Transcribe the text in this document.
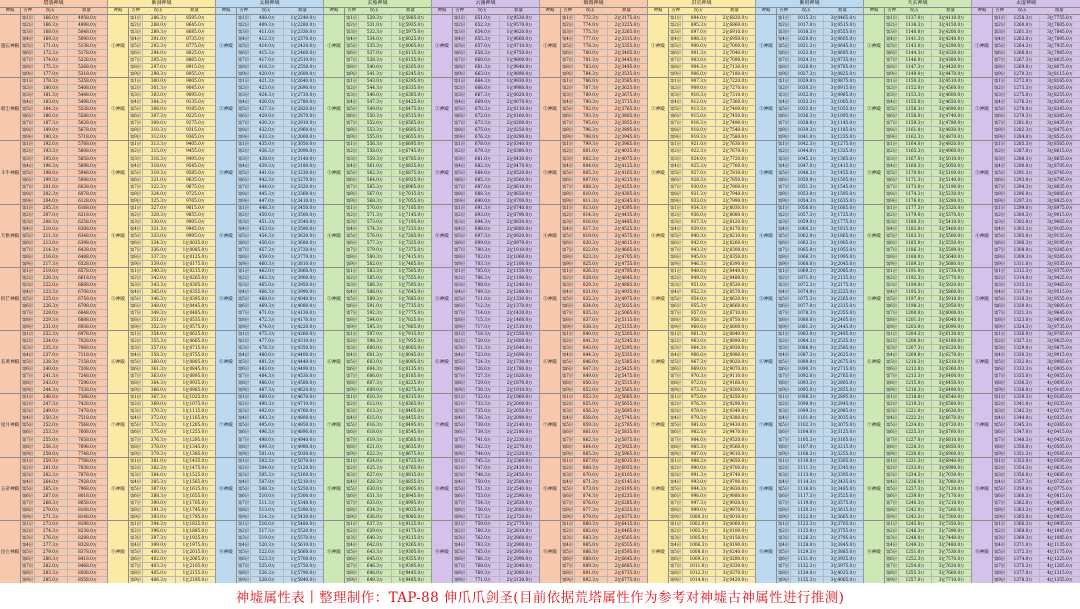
碧落神域
神殿	古神	攻击	血量
遗忘神殿
第1层	166.0万	4958.0万
第2层	166.3万	4998.0万
第3层	168.0万	5048.0万
第4层	169.3万	5090.0万
第5层	171.0万	5138.0万
第6层	172.3万	5178.0万
第7层	174.0万	5228.0万
第8层	175.3万	5268.0万
第9层	177.0万	5318.0万
暗尘神殿
第1层	178.3万	5358.0万
第2层	180.0万	5408.0万
第3层	181.3万	5448.0万
第4层	183.0万	5498.0万
第5层	184.3万	5538.0万
第6层	186.0万	5588.0万
第7层	187.3万	5628.0万
第8层	189.0万	5678.0万
第9层	190.3万	5718.0万
斗牛神殿
第1层	192.0万	5768.0万
第2层	193.3万	5808.0万
第3层	195.0万	5858.0万
第4层	196.3万	5898.0万
第5层	198.0万	5948.0万
第6层	199.3万	5988.0万
第7层	201.0万	6038.0万
第8层	202.3万	6078.0万
第9层	204.0万	6128.0万
天枢神殿
第1层	205.3万	6168.0万
第2层	207.0万	6218.0万
第3层	208.3万	6258.0万
第4层	210.0万	6308.0万
第5层	211.3万	6348.0万
第6层	213.0万	6398.0万
第7层	214.3万	6438.0万
第8层	216.0万	6488.0万
第9层	217.3万	6528.0万
炽芒神殿
第1层	219.0万	6578.0万
第2层	220.3万	6618.0万
第3层	222.0万	6668.0万
第4层	223.3万	6708.0万
第5层	225.0万	6758.0万
第6层	226.3万	6798.0万
第7层	228.0万	6848.0万
第8层	229.3万	6888.0万
第9层	231.0万	6938.0万
玄黄神殿
第1层	232.3万	6978.0万
第2层	234.0万	7028.0万
第3层	235.3万	7068.0万
第4层	237.0万	7118.0万
第5层	238.3万	7158.0万
第6层	240.0万	7208.0万
第7层	241.3万	7248.0万
第8层	243.0万	7298.0万
第9层	244.3万	7338.0万
星月神殿
第1层	246.0万	7388.0万
第2层	247.3万	7428.0万
第3层	249.0万	7478.0万
第4层	250.3万	7518.0万
第5层	252.0万	7568.0万
第6层	253.3万	7608.0万
第7层	255.0万	7658.0万
第8层	256.3万	7698.0万
第9层	258.0万	7748.0万
五帝神殿
第1层	259.3万	7788.0万
第2层	261.0万	7838.0万
第3层	262.3万	7878.0万
第4层	264.0万	7928.0万
第5层	265.3万	7968.0万
第6层	267.0万	8018.0万
第7层	268.3万	8058.0万
第8层	270.0万	8108.0万
第9层	271.3万	8148.0万
昆仑神殿
第1层	273.0万	8198.0万
第2层	274.3万	8238.0万
第3层	276.0万	8288.0万
第4层	277.3万	8328.0万
第5层	279.0万	8378.0万
第6层	280.3万	8418.0万
第7层	282.0万	8468.0万
第8层	283.3万	8508.0万
第9层	285.0万	8558.0万
紫洞神域
神殿	古神	攻击	血量
①神殿
第1层	286.3万	8595.0万
第2层	288.0万	8645.0万
第3层	289.3万	8685.0万
第4层	291.0万	8735.0万
第5层	292.3万	8775.0万
第6层	294.0万	8825.0万
第7层	295.3万	8865.0万
第8层	297.0万	8915.0万
第9层	298.3万	8955.0万
②神殿
第1层	300.0万	9005.0万
第2层	301.3万	9045.0万
第3层	303.0万	9095.0万
第4层	304.3万	9135.0万
第5层	306.0万	9185.0万
第6层	307.3万	9225.0万
第7层	309.0万	9275.0万
第8层	310.3万	9315.0万
第9层	312.0万	9365.0万
③神殿
第1层	313.3万	9405.0万
第2层	315.0万	9455.0万
第3层	316.3万	9495.0万
第4层	318.0万	9545.0万
第5层	319.3万	9585.0万
第6层	321.0万	9635.0万
第7层	322.3万	9675.0万
第8层	324.0万	9725.0万
第9层	325.3万	9765.0万
④神殿
第1层	327.0万	9815.0万
第2层	328.3万	9855.0万
第3层	330.0万	9905.0万
第4层	331.3万	9945.0万
第5层	333.0万	9995.0万
第6层	334.3万	1亿0035.0万
第7层	336.0万	1亿0085.0万
第8层	337.3万	1亿0125.0万
第9层	339.0万	1亿0175.0万
⑤神殿
第1层	340.3万	1亿0215.0万
第2层	342.0万	1亿0265.0万
第3层	343.3万	1亿0305.0万
第4层	345.0万	1亿0355.0万
第5层	346.3万	1亿0395.0万
第6层	348.0万	1亿0445.0万
第7层	349.3万	1亿0485.0万
第8层	351.0万	1亿0535.0万
第9层	352.3万	1亿0575.0万
⑥神殿
第1层	354.0万	1亿0625.0万
第2层	355.3万	1亿0665.0万
第3层	357.0万	1亿0715.0万
第4层	358.3万	1亿0755.0万
第5层	360.0万	1亿0805.0万
第6层	361.3万	1亿0845.0万
第7层	363.0万	1亿0895.0万
第8层	364.3万	1亿0935.0万
第9层	366.0万	1亿0985.0万
⑦神殿
第1层	367.3万	1亿1025.0万
第2层	369.0万	1亿1075.0万
第3层	370.3万	1亿1115.0万
第4层	372.0万	1亿1165.0万
第5层	373.3万	1亿1205.0万
第6层	375.0万	1亿1255.0万
第7层	376.3万	1亿1295.0万
第8层	378.0万	1亿1345.0万
第9层	379.3万	1亿1385.0万
⑧神殿
第1层	381.0万	1亿1435.0万
第2层	382.3万	1亿1475.0万
第3层	384.0万	1亿1525.0万
第4层	385.3万	1亿1565.0万
第5层	387.0万	1亿1615.0万
第6层	388.3万	1亿1655.0万
第7层	390.0万	1亿1705.0万
第8层	391.3万	1亿1745.0万
第9层	393.0万	1亿1795.0万
⑨神殿
第1层	394.3万	1亿1835.0万
第2层	396.0万	1亿1885.0万
第3层	397.3万	1亿1925.0万
第4层	399.0万	1亿1975.0万
第5层	400.3万	1亿2015.0万
第6层	402.0万	1亿2065.0万
第7层	403.3万	1亿2105.0万
第8层	405.0万	1亿2155.0万
第9层	406.3万	1亿2195.0万
太极神域
神殿	古神	攻击	血量
①神殿
第1层	408.0万	1亿2240.0万
第2层	409.3万	1亿2280.0万
第3层	411.0万	1亿2330.0万
第4层	412.3万	1亿2370.0万
第5层	414.0万	1亿2420.0万
第6层	415.3万	1亿2460.0万
第7层	417.0万	1亿2510.0万
第8层	418.3万	1亿2550.0万
第9层	420.0万	1亿2600.0万
②神殿
第1层	421.3万	1亿2640.0万
第2层	423.0万	1亿2690.0万
第3层	424.3万	1亿2730.0万
第4层	426.0万	1亿2780.0万
第5层	427.3万	1亿2820.0万
第6层	429.0万	1亿2870.0万
第7层	430.3万	1亿2910.0万
第8层	432.0万	1亿2960.0万
第9层	433.3万	1亿3000.0万
③神殿
第1层	435.0万	1亿3050.0万
第2层	436.3万	1亿3090.0万
第3层	438.0万	1亿3140.0万
第4层	439.3万	1亿3180.0万
第5层	441.0万	1亿3230.0万
第6层	442.3万	1亿3270.0万
第7层	444.0万	1亿3320.0万
第8层	445.3万	1亿3360.0万
第9层	447.0万	1亿3410.0万
④神殿
第1层	448.3万	1亿3450.0万
第2层	450.0万	1亿3500.0万
第3层	451.3万	1亿3540.0万
第4层	453.0万	1亿3590.0万
第5层	454.3万	1亿3630.0万
第6层	456.0万	1亿3680.0万
第7层	457.3万	1亿3720.0万
第8层	459.0万	1亿3770.0万
第9层	460.3万	1亿3810.0万
⑤神殿
第1层	462.0万	1亿3860.0万
第2层	463.3万	1亿3900.0万
第3层	465.0万	1亿3950.0万
第4层	466.3万	1亿3990.0万
第5层	468.0万	1亿4040.0万
第6层	469.3万	1亿4080.0万
第7层	471.0万	1亿4130.0万
第8层	472.3万	1亿4170.0万
第9层	474.0万	1亿4220.0万
⑥神殿
第1层	475.3万	1亿4260.0万
第2层	477.0万	1亿4310.0万
第3层	478.3万	1亿4350.0万
第4层	480.0万	1亿4400.0万
第5层	481.3万	1亿4440.0万
第6层	483.0万	1亿4490.0万
第7层	484.3万	1亿4530.0万
第8层	486.0万	1亿4580.0万
第9层	487.3万	1亿4620.0万
⑦神殿
第1层	489.0万	1亿4670.0万
第2层	490.3万	1亿4710.0万
第3层	492.0万	1亿4760.0万
第4层	493.3万	1亿4800.0万
第5层	495.0万	1亿4850.0万
第6层	496.3万	1亿4890.0万
第7层	498.0万	1亿4940.0万
第8层	499.3万	1亿4980.0万
第9层	501.0万	1亿5030.0万
⑧神殿
第1层	502.3万	1亿5070.0万
第2层	504.0万	1亿5120.0万
第3层	505.3万	1亿5160.0万
第4层	507.0万	1亿5210.0万
第5层	508.3万	1亿5250.0万
第6层	510.0万	1亿5300.0万
第7层	511.3万	1亿5340.0万
第8层	513.0万	1亿5390.0万
第9层	514.3万	1亿5430.0万
⑨神殿
第1层	516.0万	1亿5480.0万
第2层	517.3万	1亿5520.0万
第3层	519.0万	1亿5570.0万
第4层	520.3万	1亿5610.0万
第5层	522.0万	1亿5660.0万
第6层	523.3万	1亿5700.0万
第7层	525.0万	1亿5750.0万
第8层	526.3万	1亿5790.0万
第9层	528.0万	1亿5840.0万
玄烛神域
神殿	古神	攻击	血量
①神殿
第1层	529.3万	1亿5885.0万
第2层	531.0万	1亿5935.0万
第3层	532.3万	1亿5975.0万
第4层	534.0万	1亿6025.0万
第5层	535.3万	1亿6065.0万
第6层	537.0万	1亿6115.0万
第7层	538.3万	1亿6155.0万
第8层	540.0万	1亿6205.0万
第9层	541.3万	1亿6245.0万
②神殿
第1层	543.0万	1亿6295.0万
第2层	544.3万	1亿6335.0万
第3层	546.0万	1亿6385.0万
第4层	547.3万	1亿6425.0万
第5层	549.0万	1亿6475.0万
第6层	550.3万	1亿6515.0万
第7层	552.0万	1亿6565.0万
第8层	553.3万	1亿6605.0万
第9层	555.0万	1亿6655.0万
③神殿
第1层	556.3万	1亿6695.0万
第2层	558.0万	1亿6745.0万
第3层	559.3万	1亿6785.0万
第4层	561.0万	1亿6835.0万
第5层	562.3万	1亿6875.0万
第6层	564.0万	1亿6925.0万
第7层	565.3万	1亿6965.0万
第8层	567.0万	1亿7015.0万
第9层	568.3万	1亿7055.0万
④神殿
第1层	570.0万	1亿7105.0万
第2层	571.3万	1亿7145.0万
第3层	573.0万	1亿7195.0万
第4层	574.3万	1亿7235.0万
第5层	576.0万	1亿7285.0万
第6层	577.3万	1亿7325.0万
第7层	579.0万	1亿7375.0万
第8层	580.3万	1亿7415.0万
第9层	582.0万	1亿7465.0万
⑤神殿
第1层	583.3万	1亿7505.0万
第2层	585.0万	1亿7555.0万
第3层	586.3万	1亿7595.0万
第4层	588.0万	1亿7645.0万
第5层	589.3万	1亿7685.0万
第6层	591.0万	1亿7735.0万
第7层	592.3万	1亿7775.0万
第8层	594.0万	1亿7825.0万
第9层	595.3万	1亿7865.0万
⑥神殿
第1层	597.0万	1亿7915.0万
第2层	598.3万	1亿7955.0万
第3层	600.0万	1亿8005.0万
第4层	601.3万	1亿8045.0万
第5层	603.0万	1亿8095.0万
第6层	604.3万	1亿8135.0万
第7层	606.0万	1亿8185.0万
第8层	607.3万	1亿8225.0万
第9层	609.0万	1亿8275.0万
⑦神殿
第1层	610.3万	1亿8315.0万
第2层	612.0万	1亿8365.0万
第3层	613.3万	1亿8405.0万
第4层	615.0万	1亿8455.0万
第5层	616.3万	1亿8495.0万
第6层	618.0万	1亿8545.0万
第7层	619.3万	1亿8585.0万
第8层	621.0万	1亿8635.0万
第9层	622.3万	1亿8675.0万
⑧神殿
第1层	624.0万	1亿8725.0万
第2层	625.3万	1亿8765.0万
第3层	627.0万	1亿8815.0万
第4层	628.3万	1亿8855.0万
第5层	630.0万	1亿8905.0万
第6层	631.3万	1亿8945.0万
第7层	633.0万	1亿8995.0万
第8层	634.3万	1亿9035.0万
第9层	636.0万	1亿9085.0万
⑨神殿
第1层	637.3万	1亿9125.0万
第2层	639.0万	1亿9175.0万
第3层	640.3万	1亿9215.0万
第4层	642.0万	1亿9265.0万
第5层	643.3万	1亿9305.0万
第6层	645.0万	1亿9355.0万
第7层	646.3万	1亿9395.0万
第8层	648.0万	1亿9445.0万
第9层	649.3万	1亿9485.0万
云溪神域
神殿	古神	攻击	血量
①神殿
第1层	651.0万	1亿9530.0万
第2层	652.3万	1亿9570.0万
第3层	654.0万	1亿9620.0万
第4层	655.3万	1亿9660.0万
第5层	657.0万	1亿9710.0万
第6层	658.3万	1亿9750.0万
第7层	660.0万	1亿9800.0万
第8层	661.3万	1亿9840.0万
第9层	663.0万	1亿9890.0万
②神殿
第1层	664.3万	1亿9930.0万
第2层	666.0万	1亿9980.0万
第3层	667.3万	2亿0020.0万
第4层	669.0万	2亿0070.0万
第5层	670.3万	2亿0110.0万
第6层	672.0万	2亿0160.0万
第7层	673.3万	2亿0200.0万
第8层	675.0万	2亿0250.0万
第9层	676.3万	2亿0290.0万
③神殿
第1层	678.0万	2亿0340.0万
第2层	679.3万	2亿0380.0万
第3层	681.0万	2亿0430.0万
第4层	682.3万	2亿0470.0万
第5层	684.0万	2亿0520.0万
第6层	685.3万	2亿0560.0万
第7层	687.0万	2亿0610.0万
第8层	688.3万	2亿0650.0万
第9层	690.0万	2亿0700.0万
④神殿
第1层	691.3万	2亿0740.0万
第2层	693.0万	2亿0790.0万
第3层	694.3万	2亿0830.0万
第4层	696.0万	2亿0880.0万
第5层	697.3万	2亿0920.0万
第6层	699.0万	2亿0970.0万
第7层	700.3万	2亿1010.0万
第8层	702.0万	2亿1060.0万
第9层	703.3万	2亿1100.0万
⑤神殿
第1层	705.0万	2亿1150.0万
第2层	706.3万	2亿1190.0万
第3层	708.0万	2亿1240.0万
第4层	709.3万	2亿1280.0万
第5层	711.0万	2亿1330.0万
第6层	712.3万	2亿1370.0万
第7层	714.0万	2亿1420.0万
第8层	715.3万	2亿1460.0万
第9层	717.0万	2亿1510.0万
⑥神殿
第1层	718.3万	2亿1550.0万
第2层	720.0万	2亿1600.0万
第3层	721.3万	2亿1640.0万
第4层	723.0万	2亿1690.0万
第5层	724.3万	2亿1730.0万
第6层	726.0万	2亿1780.0万
第7层	727.3万	2亿1820.0万
第8层	729.0万	2亿1870.0万
第9层	730.3万	2亿1910.0万
⑦神殿
第1层	732.0万	2亿1960.0万
第2层	733.3万	2亿2000.0万
第3层	735.0万	2亿2050.0万
第4层	736.3万	2亿2090.0万
第5层	738.0万	2亿2140.0万
第6层	739.3万	2亿2180.0万
第7层	741.0万	2亿2230.0万
第8层	742.3万	2亿2270.0万
第9层	744.0万	2亿2320.0万
⑧神殿
第1层	745.3万	2亿2360.0万
第2层	747.0万	2亿2410.0万
第3层	748.3万	2亿2450.0万
第4层	750.0万	2亿2500.0万
第5层	751.3万	2亿2540.0万
第6层	753.0万	2亿2590.0万
第7层	754.3万	2亿2630.0万
第8层	756.0万	2亿2680.0万
第9层	757.3万	2亿2720.0万
⑨神殿
第1层	759.0万	2亿2770.0万
第2层	760.3万	2亿2810.0万
第3层	762.0万	2亿2860.0万
第4层	763.3万	2亿2900.0万
第5层	765.0万	2亿2950.0万
第6层	766.3万	2亿2990.0万
第7层	768.0万	2亿3040.0万
第8层	769.3万	2亿3080.0万
第9层	771.0万	2亿3130.0万
烟雨神域
神殿	古神	攻击	血量
①神殿
第1层	772.3万	2亿3175.0万
第2层	774.0万	2亿3225.0万
第3层	775.3万	2亿3265.0万
第4层	777.0万	2亿3315.0万
第5层	778.3万	2亿3355.0万
第6层	780.0万	2亿3405.0万
第7层	781.3万	2亿3445.0万
第8层	783.0万	2亿3495.0万
第9层	784.3万	2亿3535.0万
②神殿
第1层	786.0万	2亿3585.0万
第2层	787.3万	2亿3625.0万
第3层	789.0万	2亿3675.0万
第4层	790.3万	2亿3715.0万
第5层	792.0万	2亿3765.0万
第6层	793.3万	2亿3805.0万
第7层	795.0万	2亿3855.0万
第8层	796.3万	2亿3895.0万
第9层	798.0万	2亿3945.0万
③神殿
第1层	799.3万	2亿3985.0万
第2层	801.0万	2亿4035.0万
第3层	802.3万	2亿4075.0万
第4层	804.0万	2亿4125.0万
第5层	805.3万	2亿4165.0万
第6层	807.0万	2亿4215.0万
第7层	808.3万	2亿4255.0万
第8层	810.0万	2亿4305.0万
第9层	811.3万	2亿4345.0万
④神殿
第1层	813.0万	2亿4395.0万
第2层	814.3万	2亿4435.0万
第3层	816.0万	2亿4485.0万
第4层	817.3万	2亿4525.0万
第5层	819.0万	2亿4575.0万
第6层	820.3万	2亿4615.0万
第7层	822.0万	2亿4665.0万
第8层	823.3万	2亿4705.0万
第9层	825.0万	2亿4755.0万
⑤神殿
第1层	826.3万	2亿4795.0万
第2层	828.0万	2亿4845.0万
第3层	829.3万	2亿4885.0万
第4层	831.0万	2亿4935.0万
第5层	832.3万	2亿4975.0万
第6层	834.0万	2亿5025.0万
第7层	835.3万	2亿5065.0万
第8层	837.0万	2亿5115.0万
第9层	838.3万	2亿5155.0万
⑥神殿
第1层	840.0万	2亿5205.0万
第2层	841.3万	2亿5245.0万
第3层	843.0万	2亿5295.0万
第4层	844.3万	2亿5335.0万
第5层	846.0万	2亿5385.0万
第6层	847.3万	2亿5425.0万
第7层	849.0万	2亿5475.0万
第8层	850.3万	2亿5515.0万
第9层	852.0万	2亿5565.0万
⑦神殿
第1层	853.3万	2亿5605.0万
第2层	855.0万	2亿5655.0万
第3层	856.3万	2亿5695.0万
第4层	858.0万	2亿5745.0万
第5层	859.3万	2亿5785.0万
第6层	861.0万	2亿5835.0万
第7层	862.3万	2亿5875.0万
第8层	864.0万	2亿5925.0万
第9层	865.3万	2亿5965.0万
⑧神殿
第1层	867.0万	2亿6015.0万
第2层	868.3万	2亿6055.0万
第3层	870.0万	2亿6105.0万
第4层	871.3万	2亿6145.0万
第5层	873.0万	2亿6195.0万
第6层	874.3万	2亿6235.0万
第7层	876.0万	2亿6285.0万
第8层	877.3万	2亿6325.0万
第9层	879.0万	2亿6375.0万
⑨神殿
第1层	880.3万	2亿6415.0万
第2层	882.0万	2亿6465.0万
第3层	883.3万	2亿6505.0万
第4层	885.0万	2亿6555.0万
第5层	886.3万	2亿6595.0万
第6层	888.0万	2亿6645.0万
第7层	889.3万	2亿6685.0万
第8层	891.0万	2亿6735.0万
第9层	892.3万	2亿6775.0万
洪荒神域
神殿	古神	攻击	血量
①神殿
第1层	894.0万	2亿6820.0万
第2层	895.3万	2亿6860.0万
第3层	897.0万	2亿6910.0万
第4层	898.3万	2亿6950.0万
第5层	900.0万	2亿7000.0万
第6层	901.3万	2亿7040.0万
第7层	903.0万	2亿7090.0万
第8层	904.3万	2亿7130.0万
第9层	906.0万	2亿7180.0万
②神殿
第1层	907.3万	2亿7220.0万
第2层	909.0万	2亿7270.0万
第3层	910.3万	2亿7310.0万
第4层	912.0万	2亿7360.0万
第5层	913.3万	2亿7400.0万
第6层	915.0万	2亿7450.0万
第7层	916.3万	2亿7490.0万
第8层	918.0万	2亿7540.0万
第9层	919.3万	2亿7580.0万
③神殿
第1层	921.0万	2亿7630.0万
第2层	922.3万	2亿7670.0万
第3层	924.0万	2亿7720.0万
第4层	925.3万	2亿7760.0万
第5层	927.0万	2亿7810.0万
第6层	928.3万	2亿7850.0万
第7层	930.0万	2亿7900.0万
第8层	931.3万	2亿7940.0万
第9层	933.0万	2亿7990.0万
④神殿
第1层	934.3万	2亿8030.0万
第2层	936.0万	2亿8080.0万
第3层	937.3万	2亿8120.0万
第4层	939.0万	2亿8170.0万
第5层	940.3万	2亿8210.0万
第6层	942.0万	2亿8260.0万
第7层	943.3万	2亿8300.0万
第8层	945.0万	2亿8350.0万
第9层	946.3万	2亿8390.0万
⑤神殿
第1层	948.0万	2亿8440.0万
第2层	949.3万	2亿8480.0万
第3层	951.0万	2亿8530.0万
第4层	952.3万	2亿8570.0万
第5层	954.0万	2亿8620.0万
第6层	955.3万	2亿8660.0万
第7层	957.0万	2亿8710.0万
第8层	958.3万	2亿8750.0万
第9层	960.0万	2亿8800.0万
⑥神殿
第1层	961.3万	2亿8840.0万
第2层	963.0万	2亿8890.0万
第3层	964.3万	2亿8930.0万
第4层	966.0万	2亿8980.0万
第5层	967.3万	2亿9020.0万
第6层	969.0万	2亿9070.0万
第7层	970.3万	2亿9110.0万
第8层	972.0万	2亿9160.0万
第9层	973.3万	2亿9200.0万
⑦神殿
第1层	975.0万	2亿9250.0万
第2层	976.3万	2亿9290.0万
第3层	978.0万	2亿9340.0万
第4层	979.3万	2亿9380.0万
第5层	981.0万	2亿9430.0万
第6层	982.3万	2亿9470.0万
第7层	984.0万	2亿9520.0万
第8层	985.3万	2亿9560.0万
第9层	987.0万	2亿9610.0万
⑧神殿
第1层	988.3万	2亿9650.0万
第2层	990.0万	2亿9700.0万
第3层	991.3万	2亿9740.0万
第4层	993.0万	2亿9790.0万
第5层	994.3万	2亿9830.0万
第6层	996.0万	2亿9880.0万
第7层	997.3万	2亿9920.0万
第8层	999.0万	2亿9970.0万
第9层	1000.3万	3亿0010.0万
⑨神殿
第1层	1002.0万	3亿0060.0万
第2层	1003.3万	3亿0100.0万
第3层	1005.0万	3亿0150.0万
第4层	1006.3万	3亿0190.0万
第5层	1008.0万	3亿0240.0万
第6层	1009.3万	3亿0280.0万
第7层	1011.0万	3亿0330.0万
第8层	1012.3万	3亿0370.0万
第9层	1014.0万	3亿0420.0万
紫府神域
神殿	古神	攻击	血量
①神殿
第1层	1015.3万	3亿0465.0万
第2层	1017.0万	3亿0515.0万
第3层	1018.3万	3亿0555.0万
第4层	1020.0万	3亿0605.0万
第5层	1021.3万	3亿0645.0万
第6层	1023.0万	3亿0695.0万
第7层	1024.3万	3亿0735.0万
第8层	1026.0万	3亿0785.0万
第9层	1027.3万	3亿0825.0万
②神殿
第1层	1029.0万	3亿0875.0万
第2层	1030.3万	3亿0915.0万
第3层	1032.0万	3亿0965.0万
第4层	1033.3万	3亿1005.0万
第5层	1035.0万	3亿1055.0万
第6层	1036.3万	3亿1095.0万
第7层	1038.0万	3亿1145.0万
第8层	1039.3万	3亿1185.0万
第9层	1041.0万	3亿1235.0万
③神殿
第1层	1042.3万	3亿1275.0万
第2层	1044.0万	3亿1325.0万
第3层	1045.3万	3亿1365.0万
第4层	1047.0万	3亿1415.0万
第5层	1048.3万	3亿1455.0万
第6层	1050.0万	3亿1505.0万
第7层	1051.3万	3亿1545.0万
第8层	1053.0万	3亿1595.0万
第9层	1054.3万	3亿1635.0万
④神殿
第1层	1056.0万	3亿1685.0万
第2层	1057.3万	3亿1725.0万
第3层	1059.0万	3亿1775.0万
第4层	1060.3万	3亿1815.0万
第5层	1062.0万	3亿1865.0万
第6层	1063.3万	3亿1905.0万
第7层	1065.0万	3亿1955.0万
第8层	1066.3万	3亿1995.0万
第9层	1068.0万	3亿2045.0万
⑤神殿
第1层	1069.3万	3亿2085.0万
第2层	1071.0万	3亿2135.0万
第3层	1072.3万	3亿2175.0万
第4层	1074.0万	3亿2225.0万
第5层	1075.3万	3亿2265.0万
第6层	1077.0万	3亿2315.0万
第7层	1078.3万	3亿2355.0万
第8层	1080.0万	3亿2405.0万
第9层	1081.3万	3亿2445.0万
⑥神殿
第1层	1083.0万	3亿2495.0万
第2层	1084.3万	3亿2535.0万
第3层	1086.0万	3亿2585.0万
第4层	1087.3万	3亿2625.0万
第5层	1089.0万	3亿2675.0万
第6层	1090.3万	3亿2715.0万
第7层	1092.0万	3亿2765.0万
第8层	1093.3万	3亿2805.0万
第9层	1095.0万	3亿2855.0万
⑦神殿
第1层	1096.3万	3亿2895.0万
第2层	1098.0万	3亿2945.0万
第3层	1099.3万	3亿2985.0万
第4层	1101.0万	3亿3035.0万
第5层	1102.3万	3亿3075.0万
第6层	1104.0万	3亿3125.0万
第7层	1105.3万	3亿3165.0万
第8层	1107.0万	3亿3215.0万
第9层	1108.3万	3亿3255.0万
⑧神殿
第1层	1110.0万	3亿3305.0万
第2层	1111.3万	3亿3345.0万
第3层	1113.0万	3亿3395.0万
第4层	1114.3万	3亿3435.0万
第5层	1116.0万	3亿3485.0万
第6层	1117.3万	3亿3525.0万
第7层	1119.0万	3亿3575.0万
第8层	1120.3万	3亿3615.0万
第9层	1122.0万	3亿3665.0万
⑨神殿
第1层	1123.3万	3亿3705.0万
第2层	1125.0万	3亿3755.0万
第3层	1126.3万	3亿3795.0万
第4层	1128.0万	3亿3845.0万
第5层	1129.3万	3亿3885.0万
第6层	1131.0万	3亿3935.0万
第7层	1132.3万	3亿3975.0万
第8层	1134.0万	3亿4025.0万
第9层	1135.3万	3亿4065.0万
天玄神域
神殿	古神	攻击	血量
①神殿
第1层	1137.0万	3亿4110.0万
第2层	1138.3万	3亿4150.0万
第3层	1140.0万	3亿4200.0万
第4层	1141.3万	3亿4240.0万
第5层	1143.0万	3亿4290.0万
第6层	1144.3万	3亿4330.0万
第7层	1146.0万	3亿4380.0万
第8层	1147.3万	3亿4420.0万
第9层	1149.0万	3亿4470.0万
②神殿
第1层	1150.3万	3亿4510.0万
第2层	1152.0万	3亿4560.0万
第3层	1153.3万	3亿4600.0万
第4层	1155.0万	3亿4650.0万
第5层	1156.3万	3亿4690.0万
第6层	1158.0万	3亿4740.0万
第7层	1159.3万	3亿4780.0万
第8层	1161.0万	3亿4830.0万
第9层	1162.3万	3亿4870.0万
③神殿
第1层	1164.0万	3亿4920.0万
第2层	1165.3万	3亿4960.0万
第3层	1167.0万	3亿5010.0万
第4层	1168.3万	3亿5050.0万
第5层	1170.0万	3亿5100.0万
第6层	1171.3万	3亿5140.0万
第7层	1173.0万	3亿5190.0万
第8层	1174.3万	3亿5230.0万
第9层	1176.0万	3亿5280.0万
④神殿
第1层	1177.3万	3亿5320.0万
第2层	1179.0万	3亿5370.0万
第3层	1180.3万	3亿5410.0万
第4层	1182.0万	3亿5460.0万
第5层	1183.3万	3亿5500.0万
第6层	1185.0万	3亿5550.0万
第7层	1186.3万	3亿5590.0万
第8层	1188.0万	3亿5640.0万
第9层	1189.3万	3亿5680.0万
⑤神殿
第1层	1191.0万	3亿5730.0万
第2层	1192.3万	3亿5770.0万
第3层	1194.0万	3亿5820.0万
第4层	1195.3万	3亿5860.0万
第5层	1197.0万	3亿5910.0万
第6层	1198.3万	3亿5950.0万
第7层	1200.0万	3亿6000.0万
第8层	1201.3万	3亿6040.0万
第9层	1203.0万	3亿6090.0万
⑥神殿
第1层	1204.3万	3亿6130.0万
第2层	1206.0万	3亿6180.0万
第3层	1207.3万	3亿6220.0万
第4层	1209.0万	3亿6270.0万
第5层	1210.3万	3亿6310.0万
第6层	1212.0万	3亿6360.0万
第7层	1213.3万	3亿6400.0万
第8层	1215.0万	3亿6450.0万
第9层	1216.3万	3亿6490.0万
⑦神殿
第1层	1218.0万	3亿6540.0万
第2层	1219.3万	3亿6580.0万
第3层	1221.0万	3亿6630.0万
第4层	1222.3万	3亿6670.0万
第5层	1224.0万	3亿6720.0万
第6层	1225.3万	3亿6760.0万
第7层	1227.0万	3亿6810.0万
第8层	1228.3万	3亿6850.0万
第9层	1230.0万	3亿6900.0万
⑧神殿
第1层	1231.3万	3亿6940.0万
第2层	1233.0万	3亿6990.0万
第3层	1234.3万	3亿7030.0万
第4层	1236.0万	3亿7080.0万
第5层	1237.3万	3亿7120.0万
第6层	1239.0万	3亿7170.0万
第7层	1240.3万	3亿7210.0万
第8层	1242.0万	3亿7260.0万
第9层	1243.3万	3亿7300.0万
⑨神殿
第1层	1245.0万	3亿7350.0万
第2层	1246.3万	3亿7390.0万
第3层	1248.0万	3亿7440.0万
第4层	1249.3万	3亿7480.0万
第5层	1251.0万	3亿7530.0万
第6层	1252.3万	3亿7570.0万
第7层	1254.0万	3亿7620.0万
第8层	1255.3万	3亿7660.0万
第9层	1257.0万	3亿7710.0万
太虚神域
神殿	古神	攻击	血量
①神殿
第1层	1258.3万	3亿7755.0万
第2层	1260.0万	3亿7805.0万
第3层	1261.3万	3亿7845.0万
第4层	1263.0万	3亿7895.0万
第5层	1264.3万	3亿7935.0万
第6层	1266.0万	3亿7985.0万
第7层	1267.3万	3亿8025.0万
第8层	1269.0万	3亿8075.0万
第9层	1270.3万	3亿8115.0万
②神殿
第1层	1272.0万	3亿8165.0万
第2层	1273.3万	3亿8205.0万
第3层	1275.0万	3亿8255.0万
第4层	1276.3万	3亿8295.0万
第5层	1278.0万	3亿8345.0万
第6层	1279.3万	3亿8385.0万
第7层	1281.0万	3亿8435.0万
第8层	1282.3万	3亿8475.0万
第9层	1284.0万	3亿8525.0万
③神殿
第1层	1285.3万	3亿8565.0万
第2层	1287.0万	3亿8615.0万
第3层	1288.3万	3亿8655.0万
第4层	1290.0万	3亿8705.0万
第5层	1291.3万	3亿8745.0万
第6层	1293.0万	3亿8795.0万
第7层	1294.3万	3亿8835.0万
第8层	1296.0万	3亿8885.0万
第9层	1297.3万	3亿8925.0万
④神殿
第1层	1299.0万	3亿8975.0万
第2层	1300.3万	3亿9015.0万
第3层	1302.0万	3亿9065.0万
第4层	1303.3万	3亿9105.0万
第5层	1305.0万	3亿9155.0万
第6层	1306.3万	3亿9195.0万
第7层	1308.0万	3亿9245.0万
第8层	1309.3万	3亿9285.0万
第9层	1311.0万	3亿9335.0万
⑤神殿
第1层	1312.3万	3亿9375.0万
第2层	1314.0万	3亿9425.0万
第3层	1315.3万	3亿9465.0万
第4层	1317.0万	3亿9515.0万
第5层	1318.3万	3亿9555.0万
第6层	1320.0万	3亿9605.0万
第7层	1321.3万	3亿9645.0万
第8层	1323.0万	3亿9695.0万
第9层	1324.3万	3亿9735.0万
⑥神殿
第1层	1326.0万	3亿9785.0万
第2层	1327.3万	3亿9825.0万
第3层	1329.0万	3亿9875.0万
第4层	1330.3万	3亿9915.0万
第5层	1332.0万	3亿9965.0万
第6层	1333.3万	4亿0005.0万
第7层	1335.0万	4亿0055.0万
第8层	1336.3万	4亿0095.0万
第9层	1338.0万	4亿0145.0万
⑦神殿
第1层	1339.3万	4亿0185.0万
第2层	1341.0万	4亿0235.0万
第3层	1342.3万	4亿0275.0万
第4层	1344.0万	4亿0325.0万
第5层	1345.3万	4亿0365.0万
第6层	1347.0万	4亿0415.0万
第7层	1348.3万	4亿0455.0万
第8层	1350.0万	4亿0505.0万
第9层	1351.3万	4亿0545.0万
⑧神殿
第1层	1353.0万	4亿0595.0万
第2层	1354.3万	4亿0635.0万
第3层	1356.0万	4亿0685.0万
第4层	1357.3万	4亿0725.0万
第5层	1359.0万	4亿0775.0万
第6层	1360.3万	4亿0815.0万
第7层	1362.0万	4亿0865.0万
第8层	1363.3万	4亿0905.0万
第9层	1365.0万	4亿0955.0万
⑨神殿
第1层	1366.3万	4亿0995.0万
第2层	1368.0万	4亿1045.0万
第3层	1369.3万	4亿1085.0万
第4层	1371.0万	4亿1135.0万
第5层	1372.3万	4亿1175.0万
第6层	1374.0万	4亿1225.0万
第7层	1375.3万	4亿1265.0万
第8层	1377.0万	4亿1315.0万
第9层	1378.3万	4亿1355.0万
神墟属性表丨整理制作：TAP-88 伸爪爪剑圣(目前依据荒塔属性作为参考对神墟古神属性进行推测)
